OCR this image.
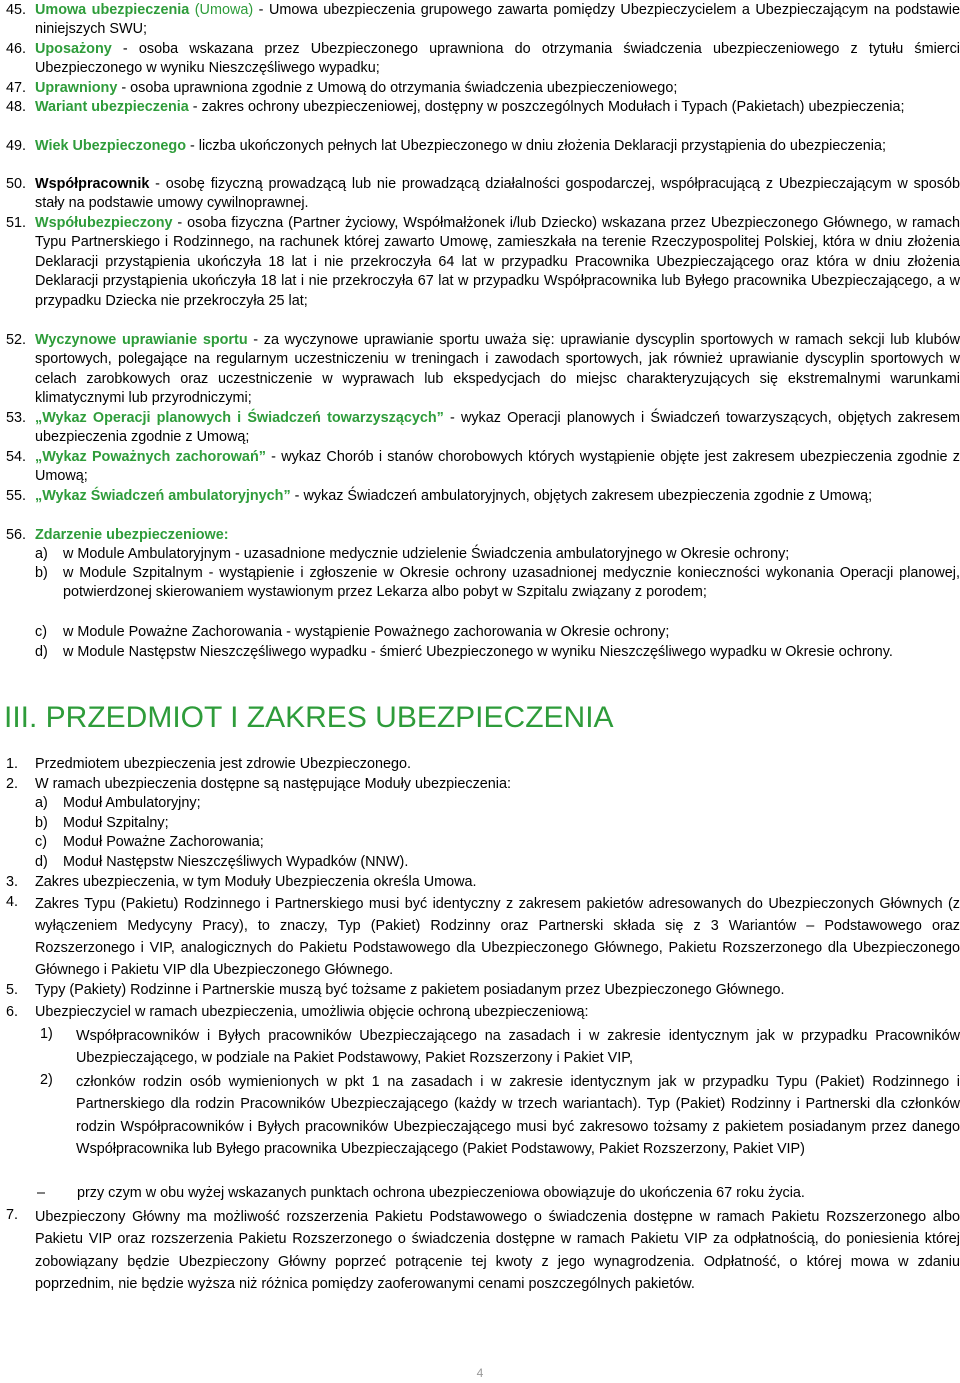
45. Umowa ubezpieczenia (Umowa) - Umowa ubezpieczenia grupowego zawarta pomiędzy Ubezpieczycielem a Ubezpieczającym na podstawie niniejszych SWU;
46. Uposażony - osoba wskazana przez Ubezpieczonego uprawniona do otrzymania świadczenia ubezpieczeniowego z tytułu śmierci Ubezpieczonego w wyniku Nieszczęśliwego wypadku;
47. Uprawniony - osoba uprawniona zgodnie z Umową do otrzymania świadczenia ubezpieczeniowego;
48. Wariant ubezpieczenia - zakres ochrony ubezpieczeniowej, dostępny w poszczególnych Modułach i Typach (Pakietach) ubezpieczenia;
49. Wiek Ubezpieczonego - liczba ukończonych pełnych lat Ubezpieczonego w dniu złożenia Deklaracji przystąpienia do ubezpieczenia;
50. Współpracownik - osobę fizyczną prowadzącą lub nie prowadzącą działalności gospodarczej, współpracującą z Ubezpieczającym w sposób stały na podstawie umowy cywilnoprawnej.
51. Współubezpieczony - osoba fizyczna (Partner życiowy, Współmałżonek i/lub Dziecko) wskazana przez Ubezpieczonego Głównego, w ramach Typu Partnerskiego i Rodzinnego, na rachunek której zawarto Umowę, zamieszkała na terenie Rzeczypospolitej Polskiej, która w dniu złożenia Deklaracji przystąpienia ukończyła 18 lat i nie przekroczyła 64 lat w przypadku Pracownika Ubezpieczającego oraz która w dniu złożenia Deklaracji przystąpienia ukończyła 18 lat i nie przekroczyła 67 lat w przypadku Współpracownika lub Byłego pracownika Ubezpieczającego, a w przypadku Dziecka nie przekroczyła 25 lat;
52. Wyczynowe uprawianie sportu - za wyczynowe uprawianie sportu uważa się: uprawianie dyscyplin sportowych w ramach sekcji lub klubów sportowych, polegające na regularnym uczestniczeniu w treningach i zawodach sportowych, jak również uprawianie dyscyplin sportowych w celach zarobkowych oraz uczestniczenie w wyprawach lub ekspedycjach do miejsc charakteryzujących się ekstremalnymi warunkami klimatycznymi lub przyrodniczymi;
53. „Wykaz Operacji planowych i Świadczeń towarzyszących” - wykaz Operacji planowych i Świadczeń towarzyszących, objętych zakresem ubezpieczenia zgodnie z Umową;
54. „Wykaz Poważnych zachorowań” - wykaz Chorób i stanów chorobowych których wystąpienie objęte jest zakresem ubezpieczenia zgodnie z Umową;
55. „Wykaz Świadczeń ambulatoryjnych” - wykaz Świadczeń ambulatoryjnych, objętych zakresem ubezpieczenia zgodnie z Umową;
56. Zdarzenie ubezpieczeniowe:
a) w Module Ambulatoryjnym - uzasadnione medycznie udzielenie Świadczenia ambulatoryjnego w Okresie ochrony;
b) w Module Szpitalnym - wystąpienie i zgłoszenie w Okresie ochrony uzasadnionej medycznie konieczności wykonania Operacji planowej, potwierdzonej skierowaniem wystawionym przez Lekarza albo pobyt w Szpitalu związany z porodem;
c) w Module Poważne Zachorowania - wystąpienie Poważnego zachorowania w Okresie ochrony;
d) w Module Następstw Nieszczęśliwego wypadku - śmierć Ubezpieczonego w wyniku Nieszczęśliwego wypadku w Okresie ochrony.
III. PRZEDMIOT I ZAKRES UBEZPIECZENIA
1. Przedmiotem ubezpieczenia jest zdrowie Ubezpieczonego.
2. W ramach ubezpieczenia dostępne są następujące Moduły ubezpieczenia:
a) Moduł Ambulatoryjny;
b) Moduł Szpitalny;
c) Moduł Poważne Zachorowania;
d) Moduł Następstw Nieszczęśliwych Wypadków (NNW).
3. Zakres ubezpieczenia, w tym Moduły Ubezpieczenia określa Umowa.
4. Zakres Typu (Pakietu) Rodzinnego i Partnerskiego musi być identyczny z zakresem pakietów adresowanych do Ubezpieczonych Głównych (z wyłączeniem Medycyny Pracy), to znaczy, Typ (Pakiet) Rodzinny oraz Partnerski składa się z 3 Wariantów – Podstawowego oraz Rozszerzonego i VIP, analogicznych do Pakietu Podstawowego dla Ubezpieczonego Głównego, Pakietu Rozszerzonego dla Ubezpieczonego Głównego i Pakietu VIP dla Ubezpieczonego Głównego.
5. Typy (Pakiety) Rodzinne i Partnerskie muszą być tożsame z pakietem posiadanym przez Ubezpieczonego Głównego.
6. Ubezpieczyciel w ramach ubezpieczenia, umożliwia objęcie ochroną ubezpieczeniową:
1) Współpracowników i Byłych pracowników Ubezpieczającego na zasadach i w zakresie identycznym jak w przypadku Pracowników Ubezpieczającego, w podziale na Pakiet Podstawowy, Pakiet Rozszerzony i Pakiet VIP,
2) członków rodzin osób wymienionych w pkt 1 na zasadach i w zakresie identycznym jak w przypadku Typu (Pakiet) Rodzinnego i Partnerskiego dla rodzin Pracowników Ubezpieczającego (każdy w trzech wariantach). Typ (Pakiet) Rodzinny i Partnerski dla członków rodzin Współpracowników i Byłych pracowników Ubezpieczającego musi być zakresowo tożsamy z pakietem posiadanym przez danego Współpracownika lub Byłego pracownika Ubezpieczającego (Pakiet Podstawowy, Pakiet Rozszerzony, Pakiet VIP)
– przy czym w obu wyżej wskazanych punktach ochrona ubezpieczeniowa obowiązuje do ukończenia 67 roku życia.
7. Ubezpieczony Główny ma możliwość rozszerzenia Pakietu Podstawowego o świadczenia dostępne w ramach Pakietu Rozszerzonego albo Pakietu VIP oraz rozszerzenia Pakietu Rozszerzonego o świadczenia dostępne w ramach Pakietu VIP za odpłatnością, do poniesienia której zobowiązany będzie Ubezpieczony Główny poprzeć potrącenie tej kwoty z jego wynagrodzenia. Odpłatność, o której mowa w zdaniu poprzednim, nie będzie wyższa niż różnica pomiędzy zaoferowanymi cenami poszczególnych pakietów.
4
